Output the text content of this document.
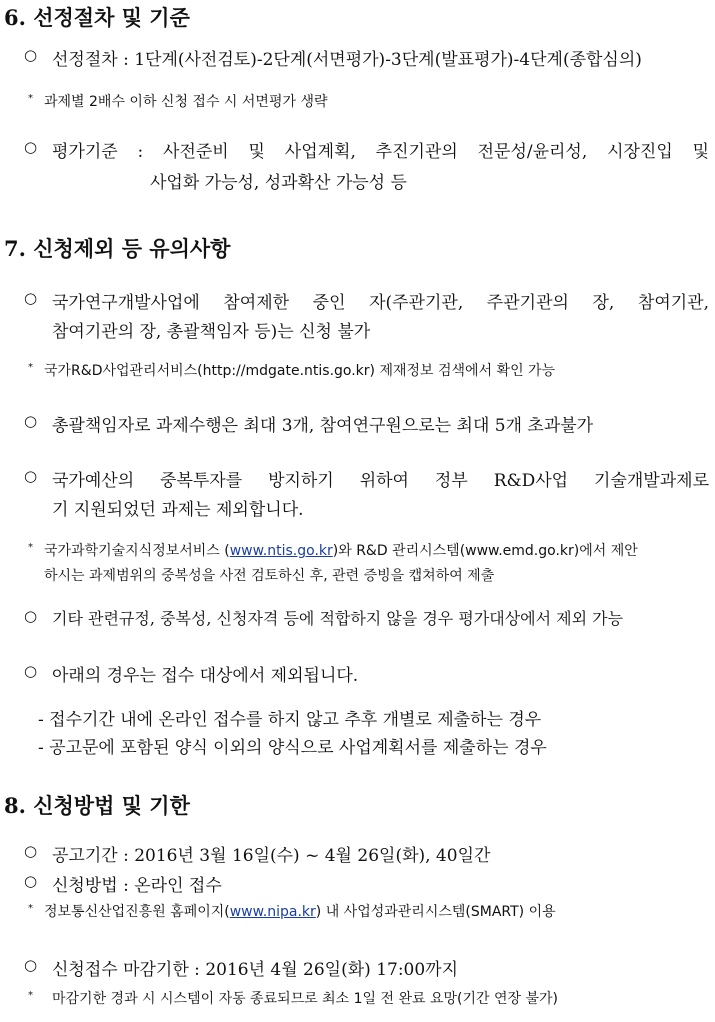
6. 선정절차 및 기준
○ 선정절차 : 1단계(사전검토)-2단계(서면평가)-3단계(발표평가)-4단계(종합심의)
* 과제별 2배수 이하 신청 접수 시 서면평가 생략
○ 평가기준 : 사전준비 및 사업계획, 추진기관의 전문성/윤리성, 시장진입 및
사업화 가능성, 성과확산 가능성 등
7. 신청제외 등 유의사항
○ 국가연구개발사업에 참여제한 중인 자(주관기관, 주관기관의 장, 참여기관,
참여기관의 장, 총괄책임자 등)는 신청 불가
* 국가R&D사업관리서비스(http://mdgate.ntis.go.kr) 제재정보 검색에서 확인 가능
○ 총괄책임자로 과제수행은 최대 3개, 참여연구원으로는 최대 5개 초과불가
○ 국가예산의 중복투자를 방지하기 위하여 정부 R&D사업 기술개발과제로
기 지원되었던 과제는 제외합니다.
* 국가과학기술지식정보서비스 (www.ntis.go.kr)와 R&D 관리시스템(www.emd.go.kr)에서 제안
하시는 과제범위의 중복성을 사전 검토하신 후, 관련 증빙을 캡쳐하여 제출
○ 기타 관련규정, 중복성, 신청자격 등에 적합하지 않을 경우 평가대상에서 제외 가능
○ 아래의 경우는 접수 대상에서 제외됩니다.
- 접수기간 내에 온라인 접수를 하지 않고 추후 개별로 제출하는 경우
- 공고문에 포함된 양식 이외의 양식으로 사업계획서를 제출하는 경우
8. 신청방법 및 기한
○ 공고기간 : 2016년 3월 16일(수) ~ 4월 26일(화), 40일간
○ 신청방법 : 온라인 접수
* 정보통신산업진흥원 홈페이지(www.nipa.kr) 내 사업성과관리시스템(SMART) 이용
○ 신청접수 마감기한 : 2016년 4월 26일(화) 17:00까지
* 마감기한 경과 시 시스템이 자동 종료되므로 최소 1일 전 완료 요망(기간 연장 불가)
